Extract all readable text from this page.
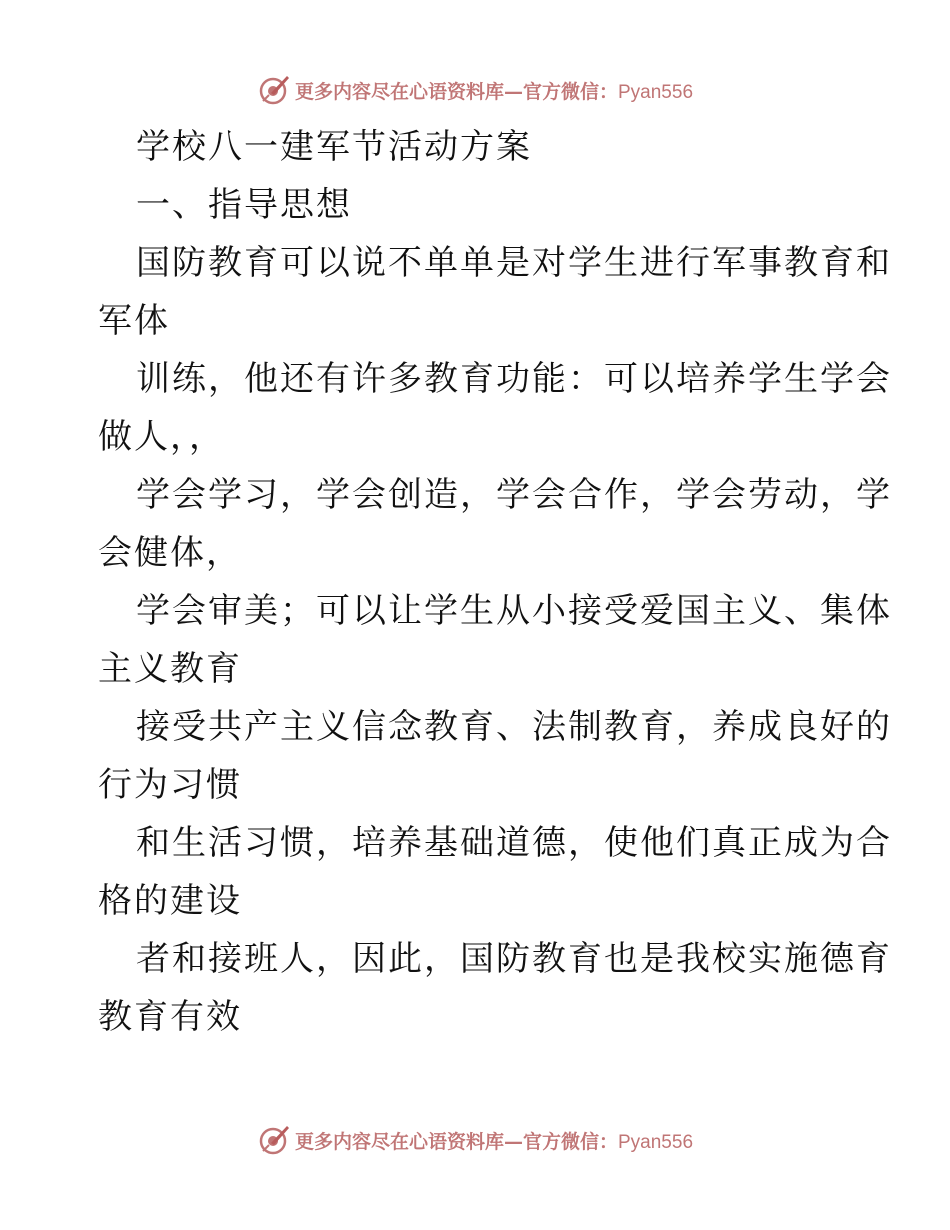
更多内容尽在心语资料库—官方微信：Pyan556
学校八一建军节活动方案
一、指导思想
国防教育可以说不单单是对学生进行军事教育和
军体
训练，他还有许多教育功能：可以培养学生学会
做人，，
学会学习，学会创造，学会合作，学会劳动，学
会健体，
学会审美；可以让学生从小接受爱国主义、集体
主义教育
接受共产主义信念教育、法制教育，养成良好的
行为习惯
和生活习惯，培养基础道德，使他们真正成为合
格的建设
者和接班人，因此，国防教育也是我校实施德育
教育有效
更多内容尽在心语资料库—官方微信：Pyan556
